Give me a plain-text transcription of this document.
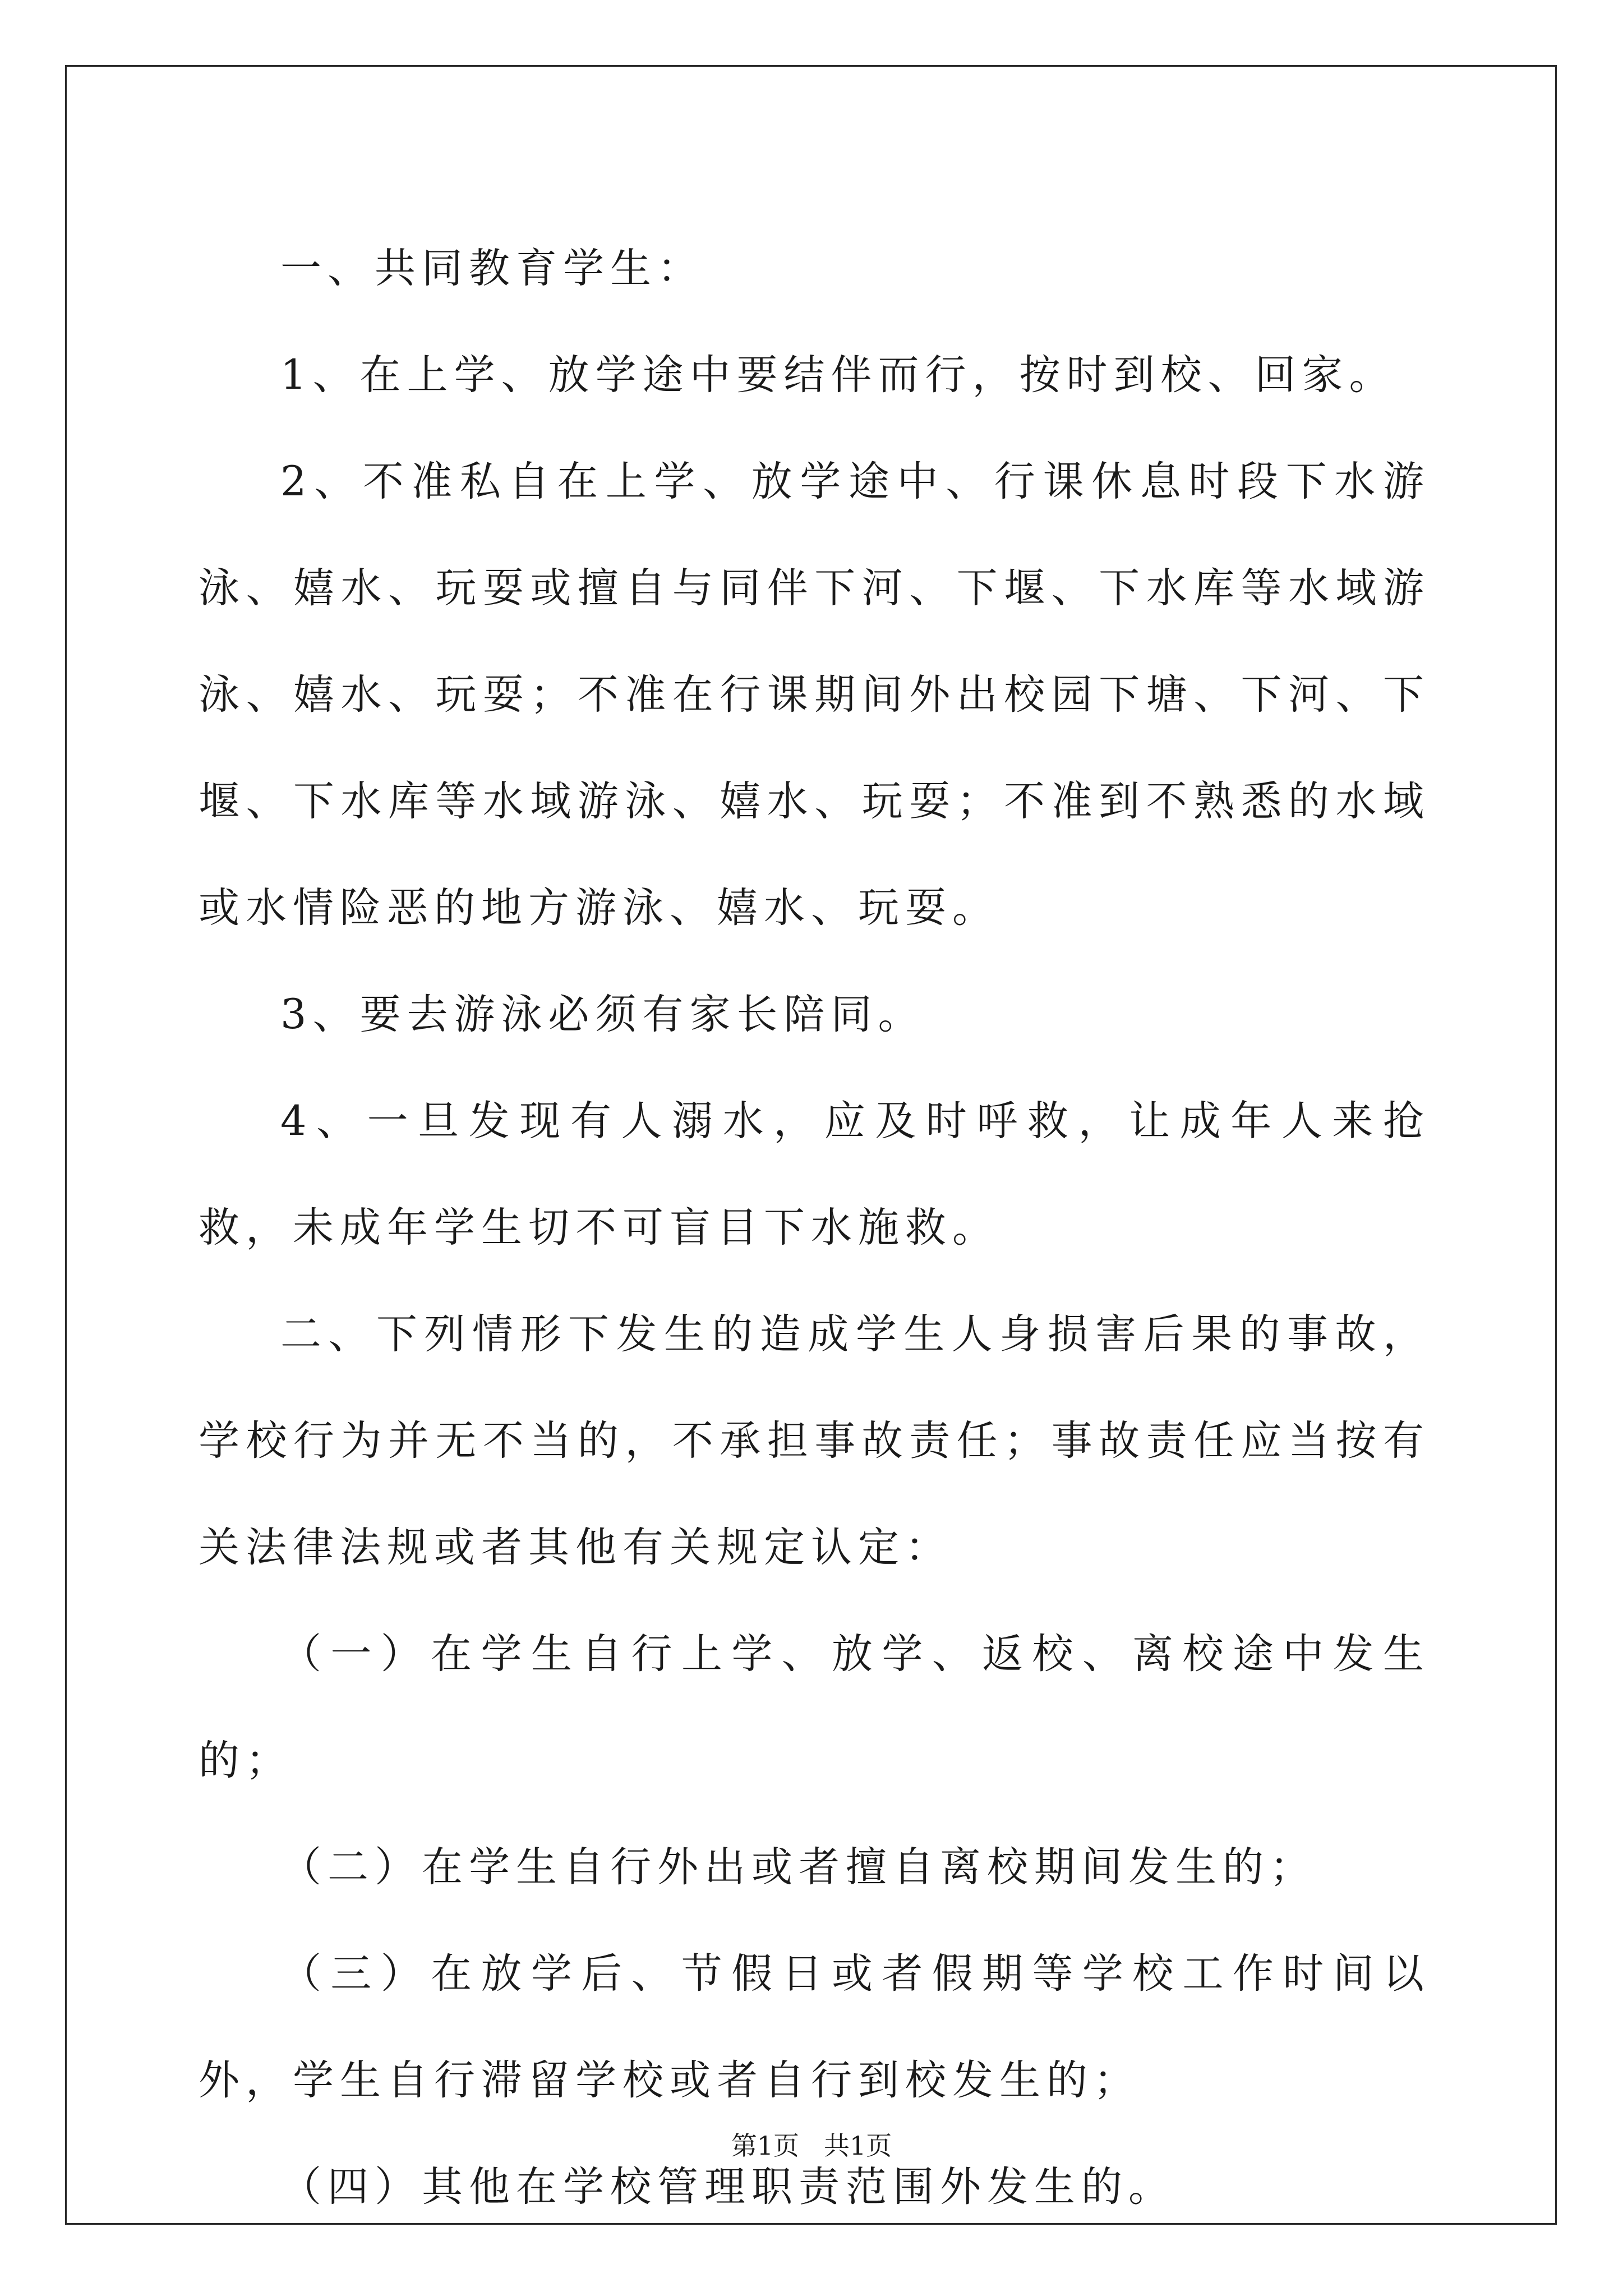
一、共同教育学生：

1、在上学、放学途中要结伴而行，按时到校、回家。

2、不准私自在上学、放学途中、行课休息时段下水游泳、嬉水、玩耍或擅自与同伴下河、下堰、下水库等水域游泳、嬉水、玩耍；不准在行课期间外出校园下塘、下河、下堰、下水库等水域游泳、嬉水、玩耍；不准到不熟悉的水域或水情险恶的地方游泳、嬉水、玩耍。

3、要去游泳必须有家长陪同。

4、一旦发现有人溺水，应及时呼救，让成年人来抢救，未成年学生切不可盲目下水施救。

二、下列情形下发生的造成学生人身损害后果的事故，学校行为并无不当的，不承担事故责任；事故责任应当按有关法律法规或者其他有关规定认定：

（一）在学生自行上学、放学、返校、离校途中发生的；

（二）在学生自行外出或者擅自离校期间发生的；

（三）在放学后、节假日或者假期等学校工作时间以外，学生自行滞留学校或者自行到校发生的；

（四）其他在学校管理职责范围外发生的。

第1页 共1页
